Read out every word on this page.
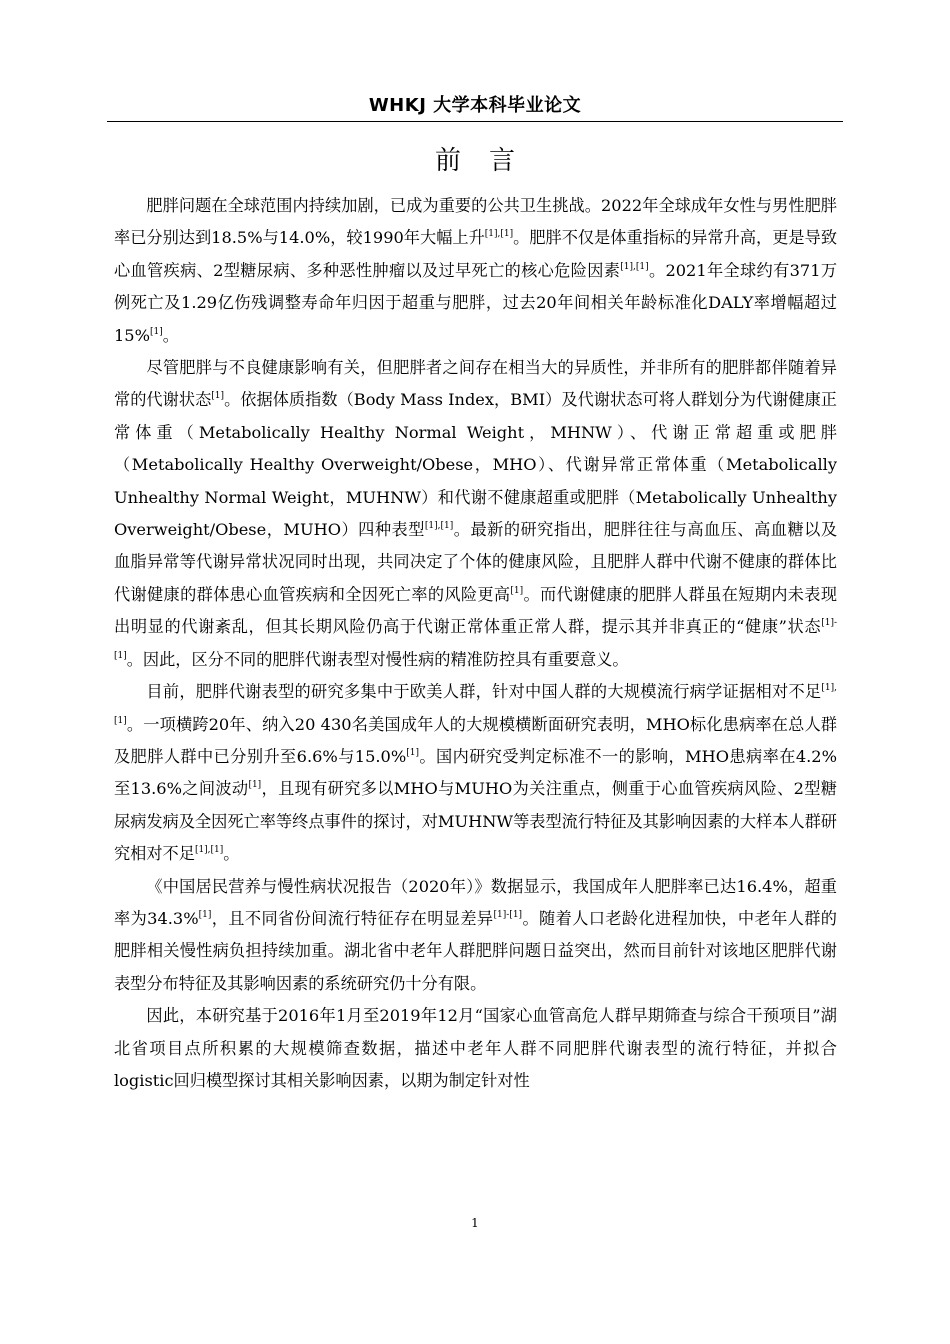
WHKJ 大学本科毕业论文
前言

肥胖问题在全球范围内持续加剧，已成为重要的公共卫生挑战。2022年全球成年女性与男性肥胖率已分别达到18.5%与14.0%，较1990年大幅上升[1],[1]。肥胖不仅是体重指标的异常升高，更是导致心血管疾病、2型糖尿病、多种恶性肿瘤以及过早死亡的核心危险因素[1],[1]。2021年全球约有371万例死亡及1.29亿伤残调整寿命年归因于超重与肥胖，过去20年间相关年龄标准化DALY率增幅超过15%[1]。

尽管肥胖与不良健康影响有关，但肥胖者之间存在相当大的异质性，并非所有的肥胖都伴随着异常的代谢状态[1]。依据体质指数（Body Mass Index，BMI）及代谢状态可将人群划分为代谢健康正常体重（Metabolically Healthy Normal Weight，MHNW）、代谢正常超重或肥胖（Metabolically Healthy Overweight/Obese，MHO）、代谢异常正常体重（Metabolically Unhealthy Normal Weight，MUHNW）和代谢不健康超重或肥胖（Metabolically Unhealthy Overweight/Obese，MUHO）四种表型[1],[1]。最新的研究指出，肥胖往往与高血压、高血糖以及血脂异常等代谢异常状况同时出现，共同决定了个体的健康风险，且肥胖人群中代谢不健康的群体比代谢健康的群体患心血管疾病和全因死亡率的风险更高[1]。而代谢健康的肥胖人群虽在短期内未表现出明显的代谢紊乱，但其长期风险仍高于代谢正常体重正常人群，提示其并非真正的“健康”状态[1]-[1]。因此，区分不同的肥胖代谢表型对慢性病的精准防控具有重要意义。

目前，肥胖代谢表型的研究多集中于欧美人群，针对中国人群的大规模流行病学证据相对不足[1],[1]。一项横跨20年、纳入20 430名美国成年人的大规模横断面研究表明，MHO标化患病率在总人群及肥胖人群中已分别升至6.6%与15.0%[1]。国内研究受判定标准不一的影响，MHO患病率在4.2%至13.6%之间波动[1]，且现有研究多以MHO与MUHO为关注重点，侧重于心血管疾病风险、2型糖尿病发病及全因死亡率等终点事件的探讨，对MUHNW等表型流行特征及其影响因素的大样本人群研究相对不足[1],[1]。

《中国居民营养与慢性病状况报告（2020年）》数据显示，我国成年人肥胖率已达16.4%，超重率为34.3%[1]，且不同省份间流行特征存在明显差异[1]-[1]。随着人口老龄化进程加快，中老年人群的肥胖相关慢性病负担持续加重。湖北省中老年人群肥胖问题日益突出，然而目前针对该地区肥胖代谢表型分布特征及其影响因素的系统研究仍十分有限。

因此，本研究基于2016年1月至2019年12月“国家心血管高危人群早期筛查与综合干预项目”湖北省项目点所积累的大规模筛查数据，描述中老年人群不同肥胖代谢表型的流行特征，并拟合logistic回归模型探讨其相关影响因素，以期为制定针对性

1
